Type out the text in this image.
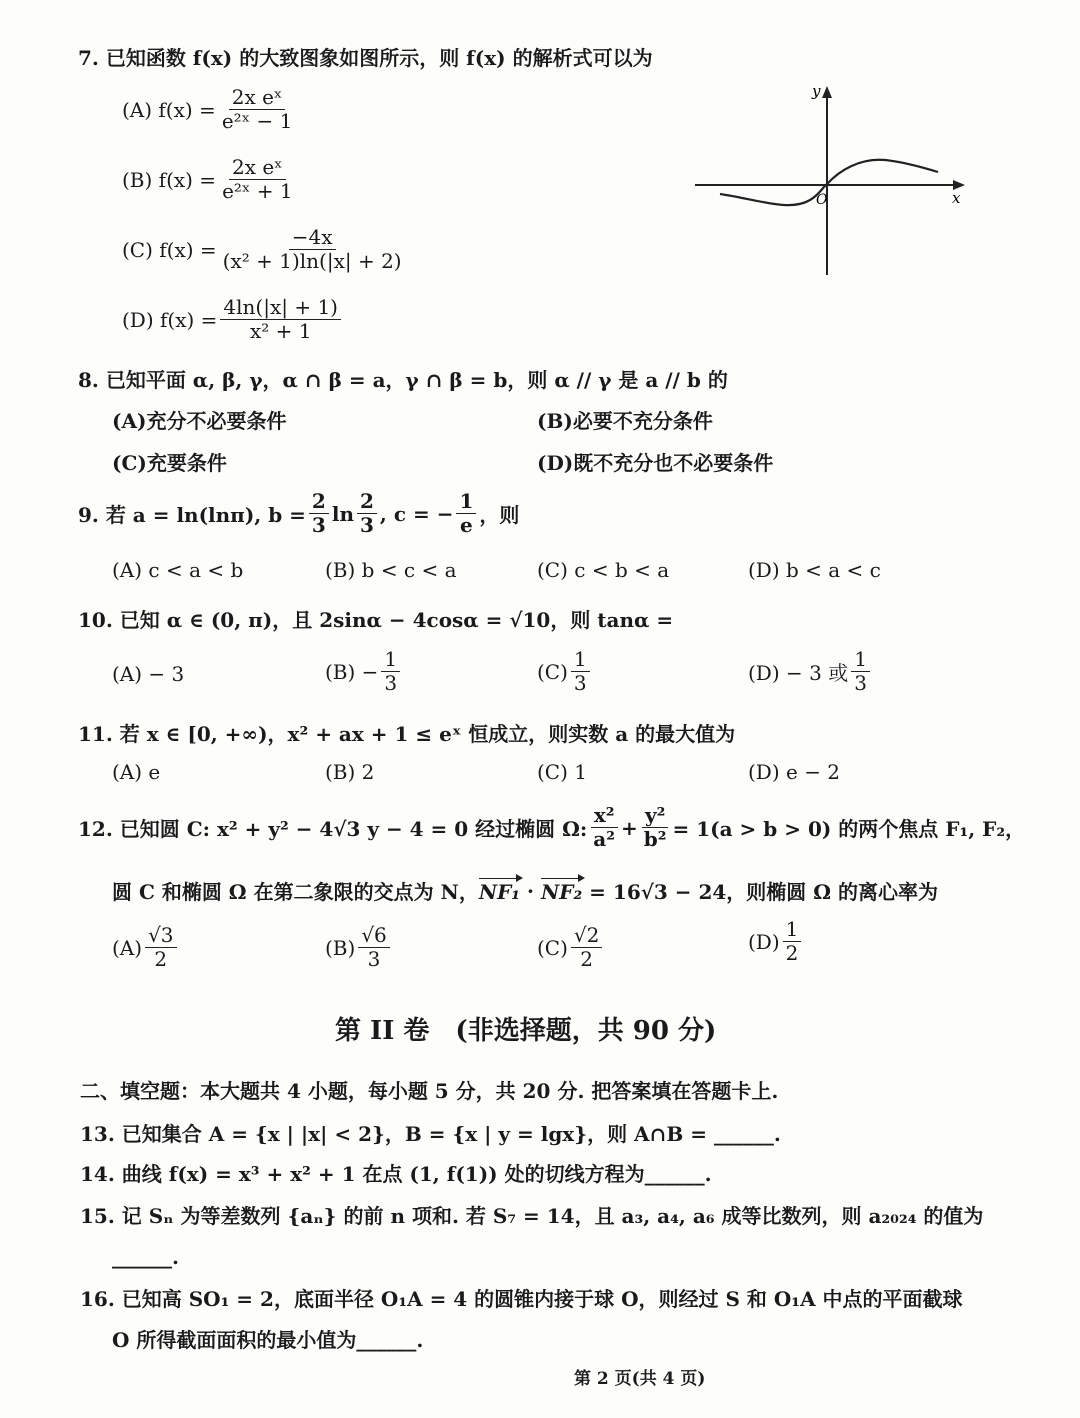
7. 已知函数 f(x) 的大致图象如图所示，则 f(x) 的解析式可以为
(A) $f(x) = \frac{\text{2x eˣ}}{\text{e²ˣ − 1}}$
(B) $f(x) = \frac{\text{2x eˣ}}{\text{e²ˣ + 1}}$
(C) $f(x) = \frac{-4x}{\text{(x² + 1)ln(|x| + 2)}}$
(D) $f(x) = \frac{4\ln(|x| + 1)}{\text{x² + 1}}$
y
x
O
8. 已知平面 α, β, γ，α ∩ β = a，γ ∩ β = b，则 α // γ 是 a // b 的
(A)充分不必要条件	(B)必要不充分条件
(C)充要条件	(D)既不充分也不必要条件
9. 若 a = ln(lnπ), $b = \frac{2}{3}$ $\ln \frac{2}{3}$ , c = − $\frac{1}{e}$ ，则
(A) c < a < b	(B) b < c < a	(C) c < b < a	(D) b < a < c
10. 已知 α ∈ (0, π)，且 2sinα − 4cosα = √10，则 tanα =
(A) − 3	$(B) - \frac{1}{3}$	$(C) \frac{1}{3}$	(D) − 3 或 $\frac{1}{3}$
11. 若 x ∈ [0, +∞)，x² + ax + 1 ≤ eˣ 恒成立，则实数 a 的最大值为
(A) e	(B) 2	(C) 1	(D) e − 2
12. 已知圆 C: x² + y² − 4√3 y − 4 = 0 经过椭圆 Ω: $\frac{\text{x²}}{\text{a²}} + \frac{\text{y²}}{\text{b²}} = 1(a > b > 0)$ 的两个焦点 F₁, F₂，
圆 C 和椭圆 Ω 在第二象限的交点为 N， NF₁ · NF₂ = 16√3 − 24，则椭圆 Ω 的离心率为
$(A) \frac{√3}{2}$	$(B) \frac{√6}{3}$	$(C) \frac{√2}{2}$	$(D) \frac{1}{2}$
第 II 卷　(非选择题，共 90 分)
二、填空题：本大题共 4 小题，每小题 5 分，共 20 分. 把答案填在答题卡上.
13. 已知集合 A = {x | |x| < 2}，B = {x | y = lgx}，则 A∩B = ______.
14. 曲线 f(x) = x³ + x² + 1 在点 (1, f(1)) 处的切线方程为______.
15. 记 Sₙ 为等差数列 {aₙ} 的前 n 项和. 若 S₇ = 14，且 a₃, a₄, a₆ 成等比数列，则 a₂₀₂₄ 的值为
______.
16. 已知高 SO₁ = 2，底面半径 O₁A = 4 的圆锥内接于球 O，则经过 S 和 O₁A 中点的平面截球
O 所得截面面积的最小值为______.
第 2 页(共 4 页)
